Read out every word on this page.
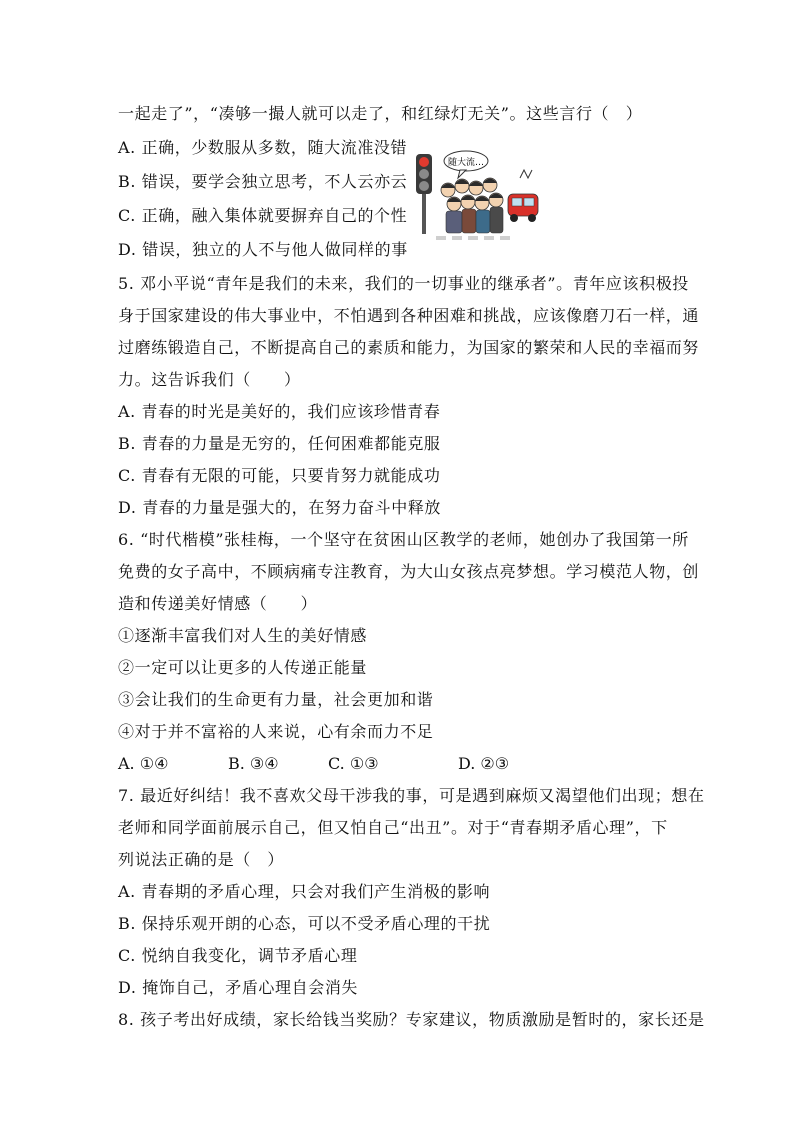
一起走了”，“凑够一撮人就可以走了，和红绿灯无关”。这些言行（　）
A. 正确，少数服从多数，随大流准没错
B. 错误，要学会独立思考，不人云亦云
C. 正确，融入集体就要摒弃自己的个性
D. 错误，独立的人不与他人做同样的事
随大流…
5. 邓小平说“青年是我们的未来，我们的一切事业的继承者”。青年应该积极投
身于国家建设的伟大事业中，不怕遇到各种困难和挑战，应该像磨刀石一样，通
过磨练锻造自己，不断提高自己的素质和能力，为国家的繁荣和人民的幸福而努
力。这告诉我们（　　）
A. 青春的时光是美好的，我们应该珍惜青春
B. 青春的力量是无穷的，任何困难都能克服
C. 青春有无限的可能，只要肯努力就能成功
D. 青春的力量是强大的，在努力奋斗中释放
6. “时代楷模”张桂梅，一个坚守在贫困山区教学的老师，她创办了我国第一所
免费的女子高中，不顾病痛专注教育，为大山女孩点亮梦想。学习模范人物，创
造和传递美好情感（　　）
①逐渐丰富我们对人生的美好情感
②一定可以让更多的人传递正能量
③会让我们的生命更有力量，社会更加和谐
④对于并不富裕的人来说，心有余而力不足
A. ①④	B. ③④	C. ①③	D. ②③
7. 最近好纠结！我不喜欢父母干涉我的事，可是遇到麻烦又渴望他们出现；想在
老师和同学面前展示自己，但又怕自己“出丑”。对于“青春期矛盾心理”，下
列说法正确的是（　）
A. 青春期的矛盾心理，只会对我们产生消极的影响
B. 保持乐观开朗的心态，可以不受矛盾心理的干扰
C. 悦纳自我变化，调节矛盾心理
D. 掩饰自己，矛盾心理自会消失
8. 孩子考出好成绩，家长给钱当奖励？专家建议，物质激励是暂时的，家长还是
